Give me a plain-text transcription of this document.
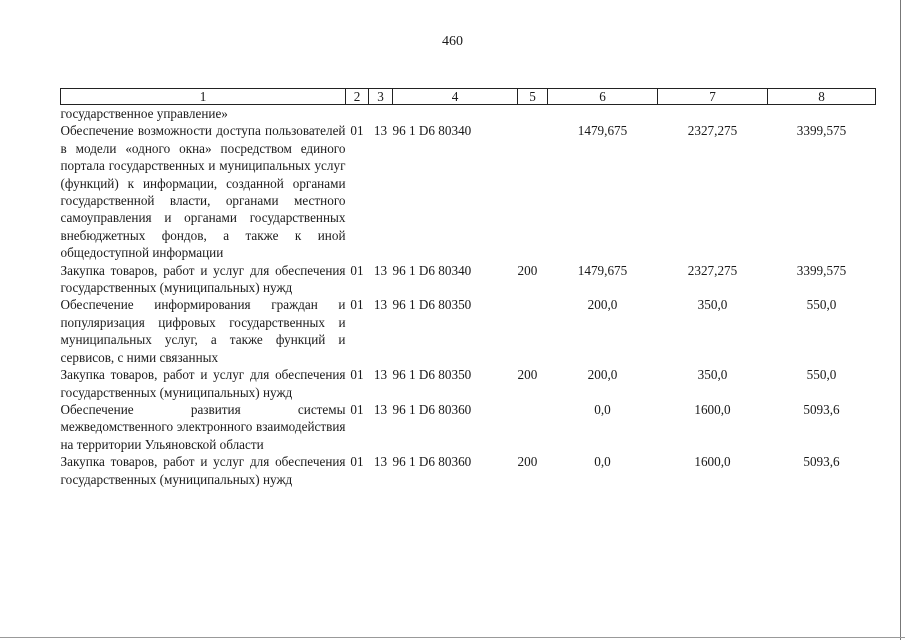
460
1	2	3	4	5	6	7	8
государственное управление»							
Обеспечение возможности доступа пользователей в модели «одного окна» посредством единого портала государственных и муниципальных услуг (функций) к информации, созданной органами государственной власти, органами местного самоуправления и органами государственных внебюджетных фондов, а также к иной общедоступной информации	01	13	96 1 D6 80340		1479,675	2327,275	3399,575
Закупка товаров, работ и услуг для обеспечения государственных (муниципальных) нужд	01	13	96 1 D6 80340	200	1479,675	2327,275	3399,575
Обеспечение информирования граждан и популяризация цифровых государственных и муниципальных услуг, а также функций и сервисов, с ними связанных	01	13	96 1 D6 80350		200,0	350,0	550,0
Закупка товаров, работ и услуг для обеспечения государственных (муниципальных) нужд	01	13	96 1 D6 80350	200	200,0	350,0	550,0
Обеспечение развития системы межведомственного электронного взаимодействия на территории Ульяновской области	01	13	96 1 D6 80360		0,0	1600,0	5093,6
Закупка товаров, работ и услуг для обеспечения государственных (муниципальных) нужд	01	13	96 1 D6 80360	200	0,0	1600,0	5093,6
